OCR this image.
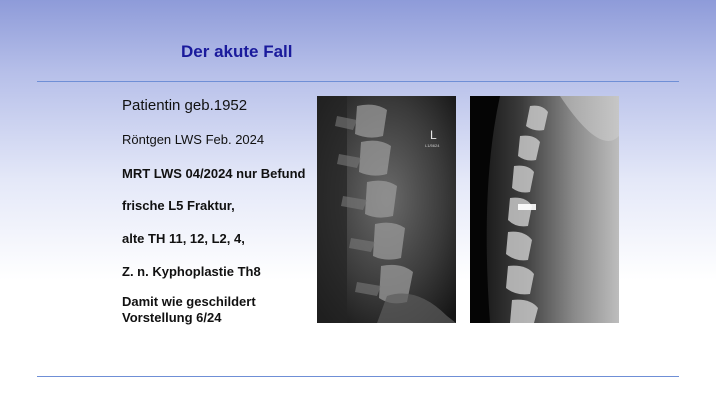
Der akute Fall
Patientin geb.1952
Röntgen LWS Feb. 2024
MRT LWS 04/2024 nur Befund
frische L5 Fraktur,
alte TH 11, 12, L2, 4,
Z. n. Kyphoplastie Th8
Damit wie geschildert
Vorstellung 6/24
L
L1/5624
